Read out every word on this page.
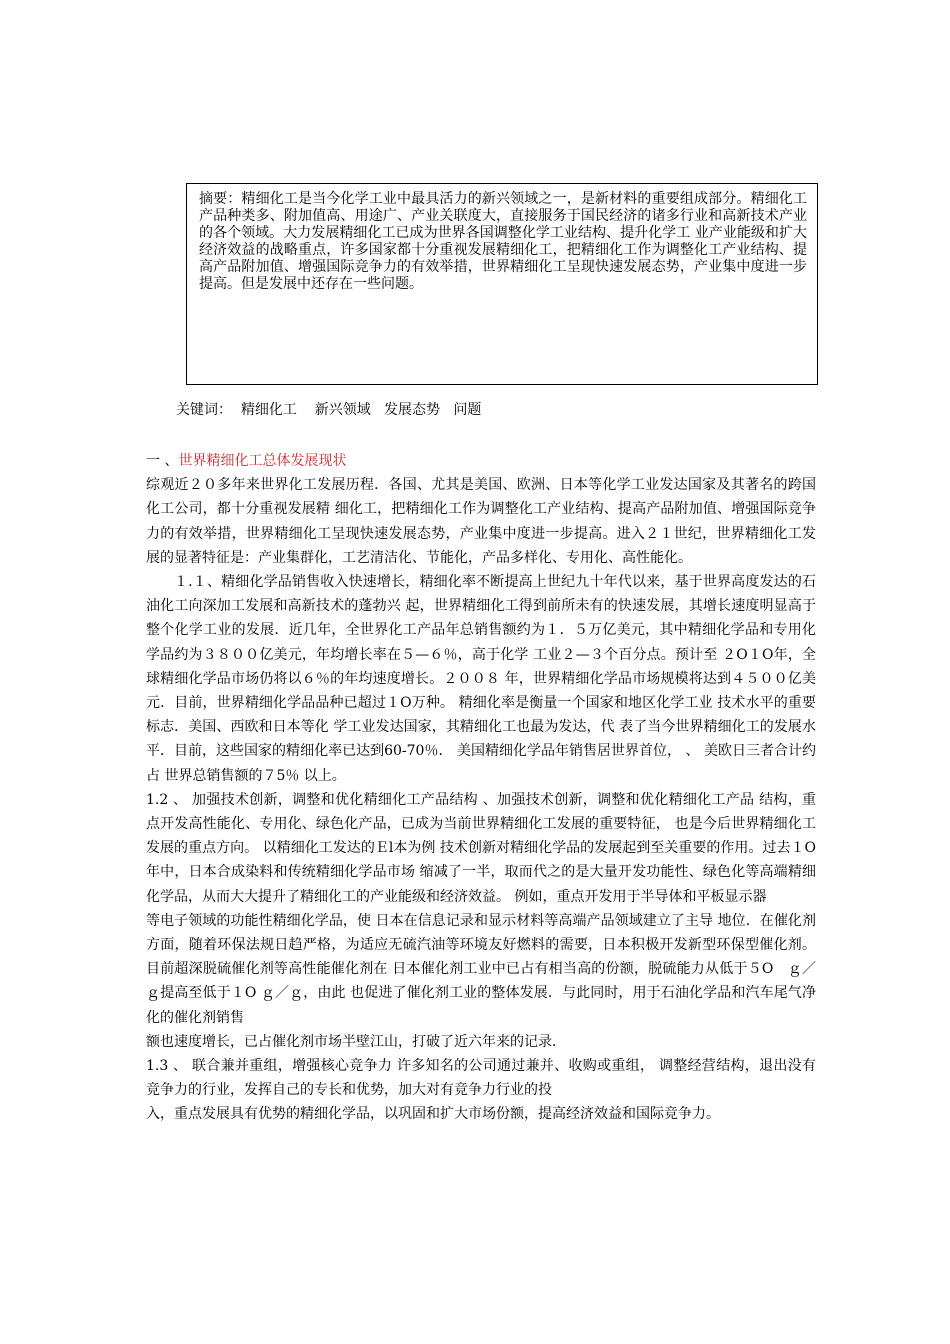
摘要：精细化工是当今化学工业中最具活力的新兴领域之一，是新材料的重要组成部分。精细化工产品种类多、附加值高、用途广、产业关联度大，直接服务于国民经济的诸多行业和高新技术产业的各个领域。大力发展精细化工已成为世界各国调整化学工业结构、提升化学工 业产业能级和扩大经济效益的战略重点，许多国家都十分重视发展精细化工，把精细化工作为调整化工产业结构、提高产品附加值、增强国际竞争力的有效举措，世界精细化工呈现快速发展态势，产业集中度进一步提高。但是发展中还存在一些问题。
关键词：  精细化工    新兴领域   发展态势   问题

一 、世界精细化工总体发展现状

综观近２０多年来世界化工发展历程．各国、尤其是美国、欧洲、日本等化学工业发达国家及其著名的跨国化工公司，都十分重视发展精 细化工，把精细化工作为调整化工产业结构、提高产品附加值、增强国际竞争力的有效举措，世界精细化工呈现快速发展态势，产业集中度进一步提高。进入２１世纪，世界精细化工发展的显著特征是：产业集群化，工艺清洁化、节能化，产品多样化、专用化、高性能化。

１.１、精细化学品销售收入快速增长，精细化率不断提高上世纪九十年代以来，基于世界高度发达的石油化工向深加工发展和高新技术的蓬勃兴 起，世界精细化工得到前所未有的快速发展，其增长速度明显高于整个化学工业的发展．近几年，全世界化工产品年总销售额约为１．５万亿美元，其中精细化学品和专用化学品约为３８００亿美元，年均增长率在５—６％，高于化学 工业２—３个百分点。预计至 ２O１O年，全球精细化学品市场仍将以６％的年均速度增长。２００８ 年，世界精细化学品市场规模将达到４５００亿美 元．目前，世界精细化学品品种已超过１O万种。 精细化率是衡量一个国家和地区化学工业 技术水平的重要标志．美国、西欧和日本等化 学工业发达国家，其精细化工也最为发达，代 表了当今世界精细化工的发展水平．目前，这些国家的精细化率已达到60-70％． 美国精细化学品年销售居世界首位， 、 美欧日三者合计约占 世界总销售额的７5％ 以上。

1.2 、 加强技术创新，调整和优化精细化工产品结构 、加强技术创新，调整和优化精细化工产品 结构，重点开发高性能化、专用化、绿色化产品，已成为当前世界精细化工发展的重要特征， 也是今后世界精细化工发展的重点方向。 以精细化工发达的Ｅl本为例 技术创新对精细化学品的发展起到至关重要的作用。过去１O年中，日本合成染料和传统精细化学品市场 缩减了一半，取而代之的是大量开发功能性、绿色化等高端精细化学品，从而大大提升了精细化工的产业能级和经济效益。 例如，重点开发用于半导体和平板显示器

等电子领域的功能性精细化学品，使 日本在信息记录和显示材料等高端产品领域建立了主导 地位．在催化剂方面，随着环保法规日趋严格，为适应无硫汽油等环境友好燃料的需要，日本积极开发新型环保型催化剂。目前超深脱硫催化剂等高性能催化剂在 日本催化剂工业中已占有相当高的份额，脱硫能力从低于５O　ｇ／ｇ提高至低于１O ｇ／ｇ，由此 也促进了催化剂工业的整体发展．与此同时，用于石油化学品和汽车尾气净化的催化剂销售

额也速度增长，已占催化剂市场半壁江山，打破了近六年来的记录．

1.3 、 联合兼并重组，增强核心竞争力 许多知名的公司通过兼并、收购或重组， 调整经营结构，退出没有竞争力的行业，发挥自己的专长和优势，加大对有竞争力行业的投

入，重点发展具有优势的精细化学品，以巩固和扩大市场份额，提高经济效益和国际竞争力。
